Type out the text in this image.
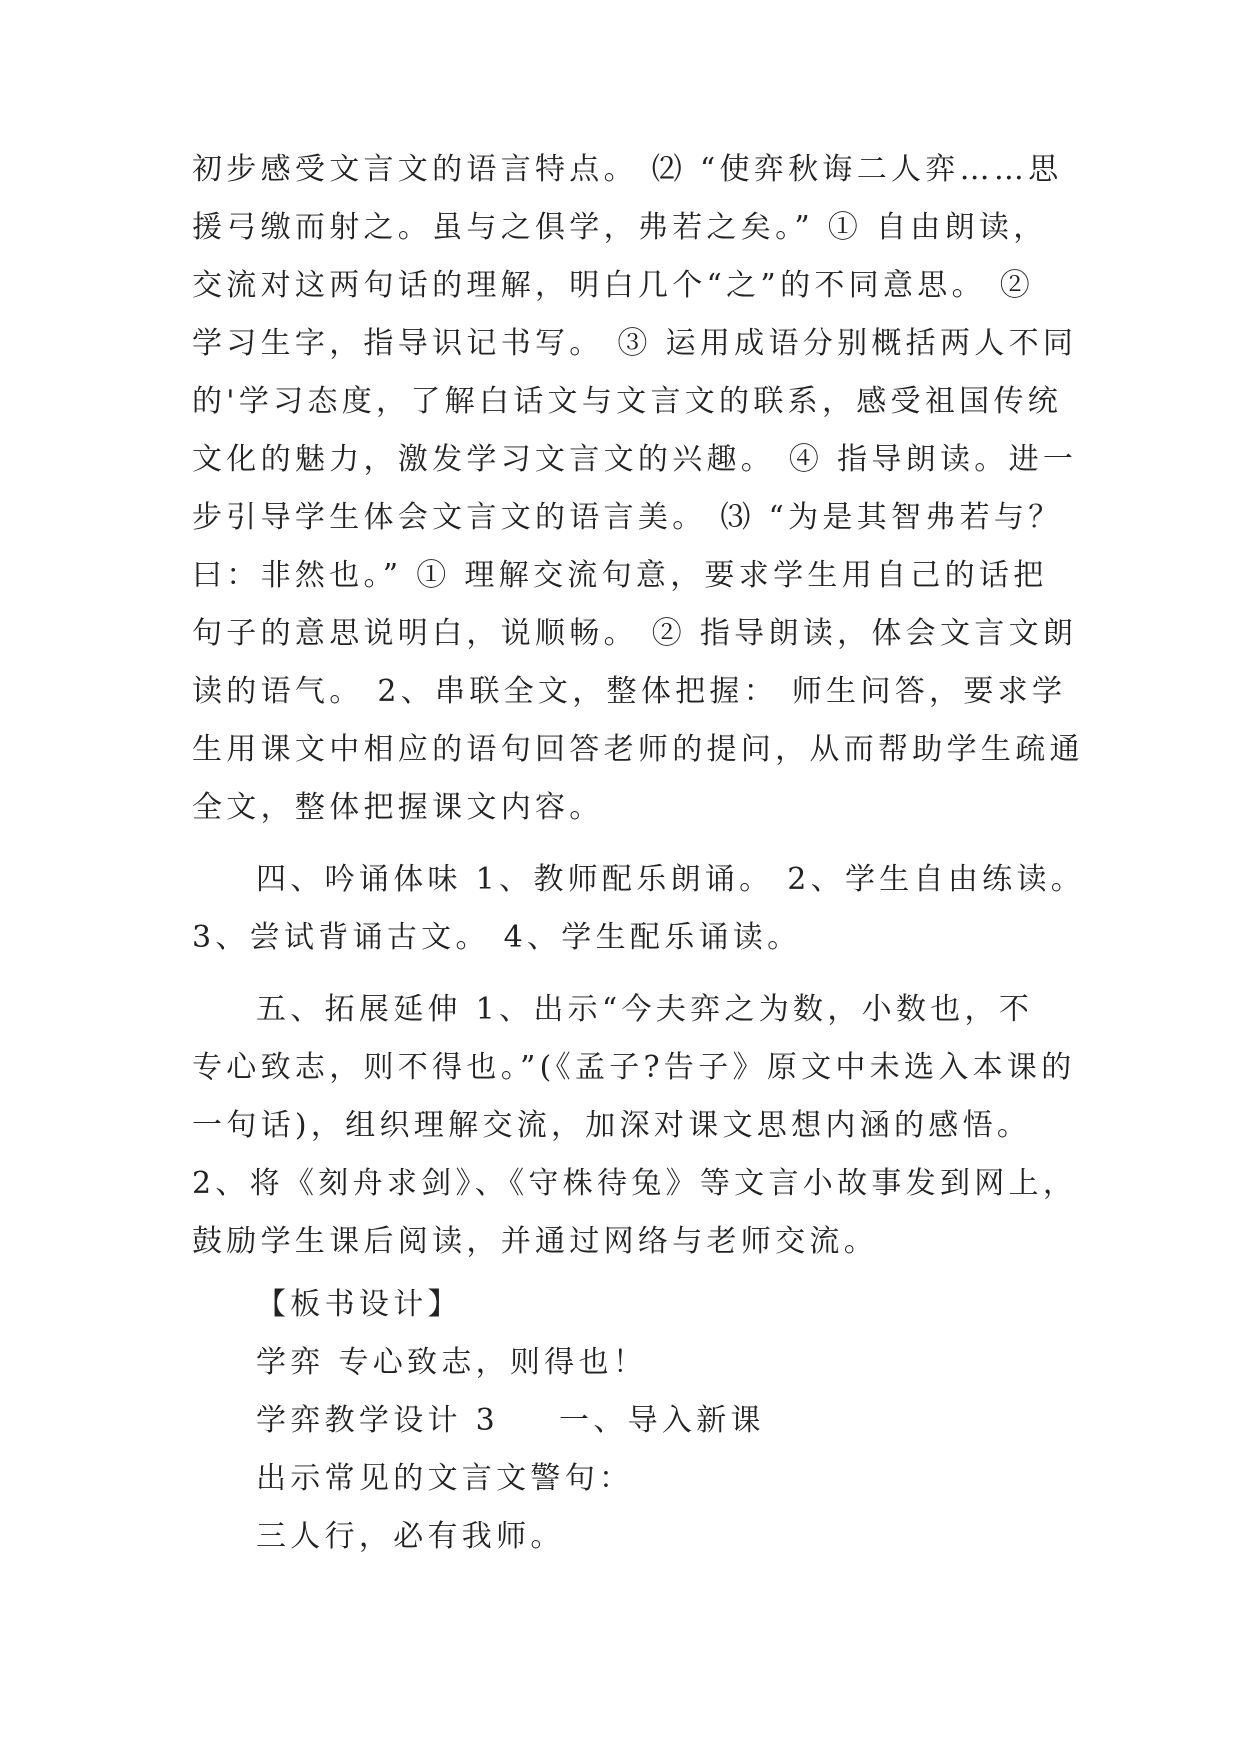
初步感受文言文的语言特点。 ⑵ “使弈秋诲二人弈……思
援弓缴而射之。虽与之俱学，弗若之矣。” ① 自由朗读，
交流对这两句话的理解，明白几个“之”的不同意思。 ②
学习生字，指导识记书写。 ③ 运用成语分别概括两人不同
的'学习态度，了解白话文与文言文的联系，感受祖国传统
文化的魅力，激发学习文言文的兴趣。 ④ 指导朗读。进一
步引导学生体会文言文的语言美。 ⑶ “为是其智弗若与？
曰：非然也。” ① 理解交流句意，要求学生用自己的话把
句子的意思说明白，说顺畅。 ② 指导朗读，体会文言文朗
读的语气。 2、串联全文，整体把握： 师生问答，要求学
生用课文中相应的语句回答老师的提问，从而帮助学生疏通
全文，整体把握课文内容。
四、吟诵体味 1、教师配乐朗诵。 2、学生自由练读。
3、尝试背诵古文。 4、学生配乐诵读。
五、拓展延伸 1、出示“今夫弈之为数，小数也，不
专心致志，则不得也。”(《孟子?告子》原文中未选入本课的
一句话)，组织理解交流，加深对课文思想内涵的感悟。
2、将《刻舟求剑》、《守株待兔》等文言小故事发到网上，
鼓励学生课后阅读，并通过网络与老师交流。
【板书设计】
学弈 专心致志，则得也！
学弈教学设计 3 一、导入新课
出示常见的文言文警句：
三人行，必有我师。
